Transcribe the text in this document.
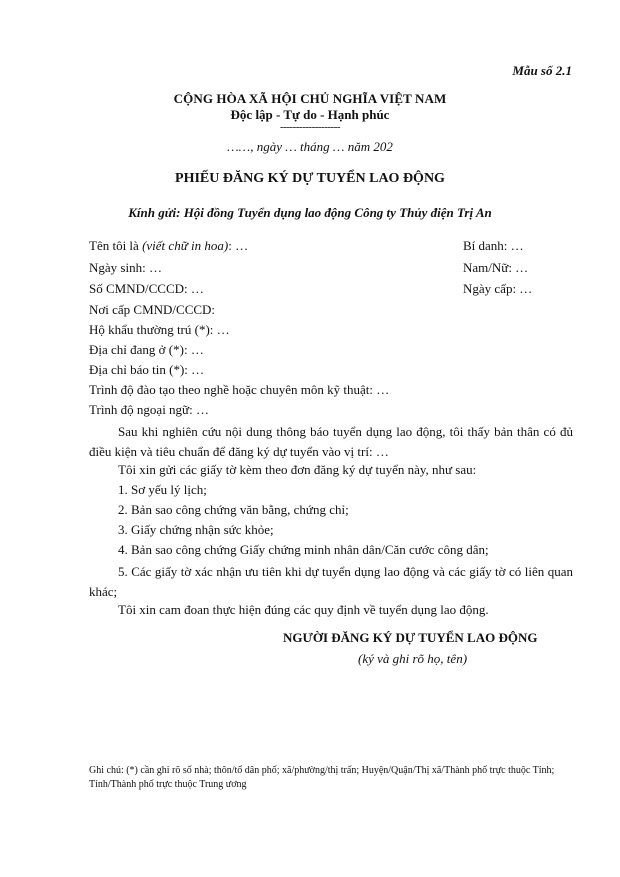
Mẫu số 2.1
CỘNG HÒA XÃ HỘI CHỦ NGHĨA VIỆT NAM
Độc lập - Tự do - Hạnh phúc
-------------------
……, ngày … tháng … năm 202
PHIẾU ĐĂNG KÝ DỰ TUYỂN LAO ĐỘNG
Kính gửi: Hội đồng Tuyển dụng lao động Công ty Thủy điện Trị An
Tên tôi là (viết chữ in hoa): …	Bí danh: …
Ngày sinh: …	Nam/Nữ: …
Số CMND/CCCD: …	Ngày cấp: …
Nơi cấp CMND/CCCD:
Hộ khẩu thường trú (*): …
Địa chỉ đang ở (*): …
Địa chỉ báo tin (*): …
Trình độ đào tạo theo nghề hoặc chuyên môn kỹ thuật: …
Trình độ ngoại ngữ: …
Sau khi nghiên cứu nội dung thông báo tuyển dụng lao động, tôi thấy bản thân có đủ điều kiện và tiêu chuẩn để đăng ký dự tuyển vào vị trí: …
Tôi xin gửi các giấy tờ kèm theo đơn đăng ký dự tuyển này, như sau:
1. Sơ yếu lý lịch;
2. Bản sao công chứng văn bằng, chứng chỉ;
3. Giấy chứng nhận sức khỏe;
4. Bản sao công chứng Giấy chứng minh nhân dân/Căn cước công dân;
5. Các giấy tờ xác nhận ưu tiên khi dự tuyển dụng lao động và các giấy tờ có liên quan khác;
Tôi xin cam đoan thực hiện đúng các quy định về tuyển dụng lao động.
NGƯỜI ĐĂNG KÝ DỰ TUYỂN LAO ĐỘNG
(ký và ghi rõ họ, tên)
Ghi chú: (*) cần ghi rõ số nhà; thôn/tổ dân phố; xã/phường/thị trấn; Huyện/Quận/Thị xã/Thành phố trực thuộc Tỉnh; Tỉnh/Thành phố trực thuộc Trung ương
